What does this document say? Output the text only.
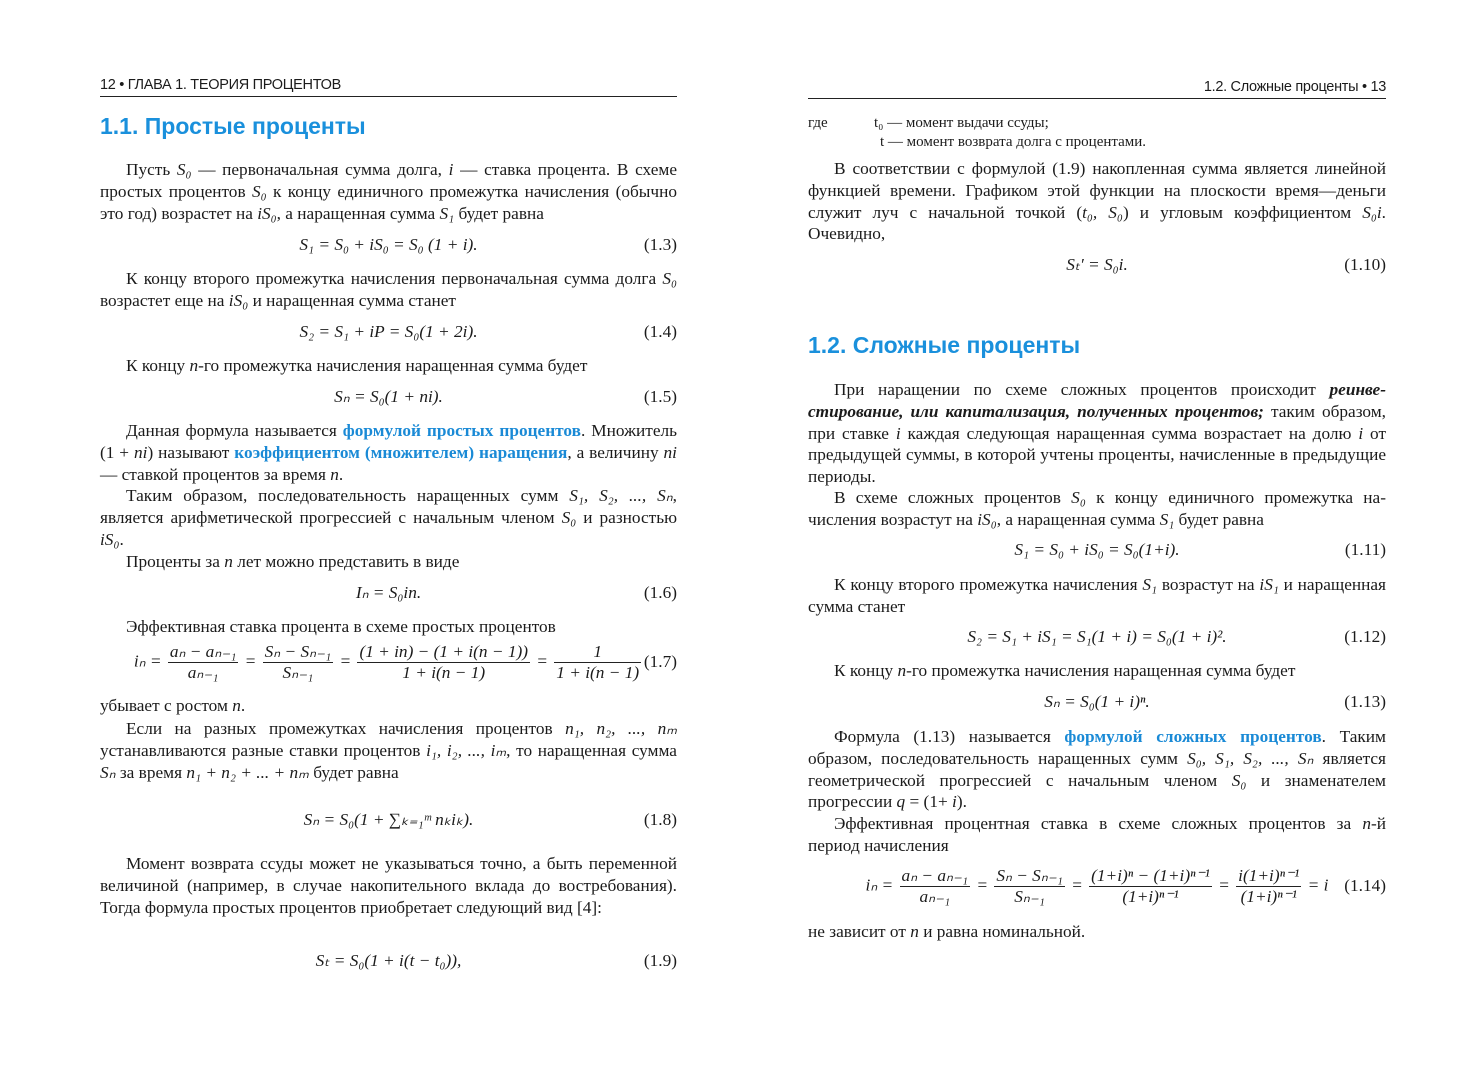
12 • ГЛАВА 1. ТЕОРИЯ ПРОЦЕНТОВ
1.1. Простые проценты
Пусть S₀ — первоначальная сумма долга, i — ставка процента. В схеме простых процентов S₀ к концу единичного промежутка начисления (обычно это год) возрастет на iS₀, а наращенная сумма S₁ будет равна
S₁ = S₀ + iS₀ = S₀ (1 + i).	(1.3)
К концу второго промежутка начисления первоначальная сумма долга S₀ возрастет еще на iS₀ и наращенная сумма станет
S₂ = S₁ + iP = S₀(1 + 2i).	(1.4)
К концу n-го промежутка начисления наращенная сумма будет
Sₙ = S₀(1 + ni).	(1.5)
Данная формула называется формулой простых процентов. Множитель (1 + ni) называют коэффициентом (множителем) наращения, а величину ni — ставкой процентов за время n.
Таким образом, последовательность наращенных сумм S₁, S₂, ..., Sₙ, является арифметической прогрессией с начальным членом S₀ и разностью iS₀.
Проценты за n лет можно представить в виде
Iₙ = S₀in.	(1.6)
Эффективная ставка процента в схеме простых процентов
$i_n = \frac{\text{aₙ − aₙ₋₁}}{\text{aₙ₋₁}} = \frac{\text{Sₙ − Sₙ₋₁}}{\text{Sₙ₋₁}} = \frac{(1 + in) - (1 + i(n - 1))}{1 + i(n - 1)} = \frac{1}{1 + i(n - 1)} (1.7)$
убывает с ростом n.
Если на разных промежутках начисления процентов n₁, n₂, ..., nₘ устанавливаются разные ставки процентов i₁, i₂, ..., iₘ, то наращенная сумма Sₙ за время n₁ + n₂ + ... + nₘ будет равна
Sₙ = S₀(1 + ∑ₖ₌₁ᵐ nₖiₖ).	(1.8)
Момент возврата ссуды может не указываться точно, а быть переменной величиной (например, в случае накопительного вклада до востребования). Тогда формула простых процентов приобретает следующий вид [4]:
Sₜ = S₀(1 + i(t − t₀)),	(1.9)
1.2. Сложные проценты • 13
где	t₀ — момент выдачи ссуды;
t — момент возврата долга с процентами.
1.2. Сложные проценты
В соответствии с формулой (1.9) накопленная сумма является линейной функцией времени. Графиком этой функции на плоскости время—деньги служит луч с начальной точкой (t₀, S₀) и угловым коэффициентом S₀i. Очевидно,
Sₜ′ = S₀i.	(1.10)
При наращении по схеме сложных процентов происходит реинвестирование, или капитализация, полученных процентов; таким образом, при ставке i каждая следующая наращенная сумма возрастает на долю i от предыдущей суммы, в которой учтены проценты, начисленные в предыдущие периоды.
В схеме сложных процентов S₀ к концу единичного промежутка начисления возрастут на iS₀, а наращенная сумма S₁ будет равна
S₁ = S₀ + iS₀ = S₀(1+i).	(1.11)
К концу второго промежутка начисления S₁ возрастут на iS₁ и наращенная сумма станет
S₂ = S₁ + iS₁ = S₁(1 + i) = S₀(1 + i)².	(1.12)
К концу n-го промежутка начисления наращенная сумма будет
Sₙ = S₀(1 + i)ⁿ.	(1.13)
Формула (1.13) называется формулой сложных процентов. Таким образом, последовательность наращенных сумм S₀, S₁, S₂, ..., Sₙ является геометрической прогрессией с начальным членом S₀ и знаменателем прогрессии q = (1+ i).
Эффективная процентная ставка в схеме сложных процентов за n-й период начисления
$i_n = \frac{\text{aₙ − aₙ₋₁}}{\text{aₙ₋₁}} = \frac{\text{Sₙ − Sₙ₋₁}}{\text{Sₙ₋₁}} = \frac{\text{(1+i)ⁿ − (1+i)ⁿ⁻¹}}{\text{(1+i)ⁿ⁻¹}} = \frac{\text{i(1+i)ⁿ⁻¹}}{\text{(1+i)ⁿ⁻¹}} = i$ (1.14)
не зависит от n и равна номинальной.
